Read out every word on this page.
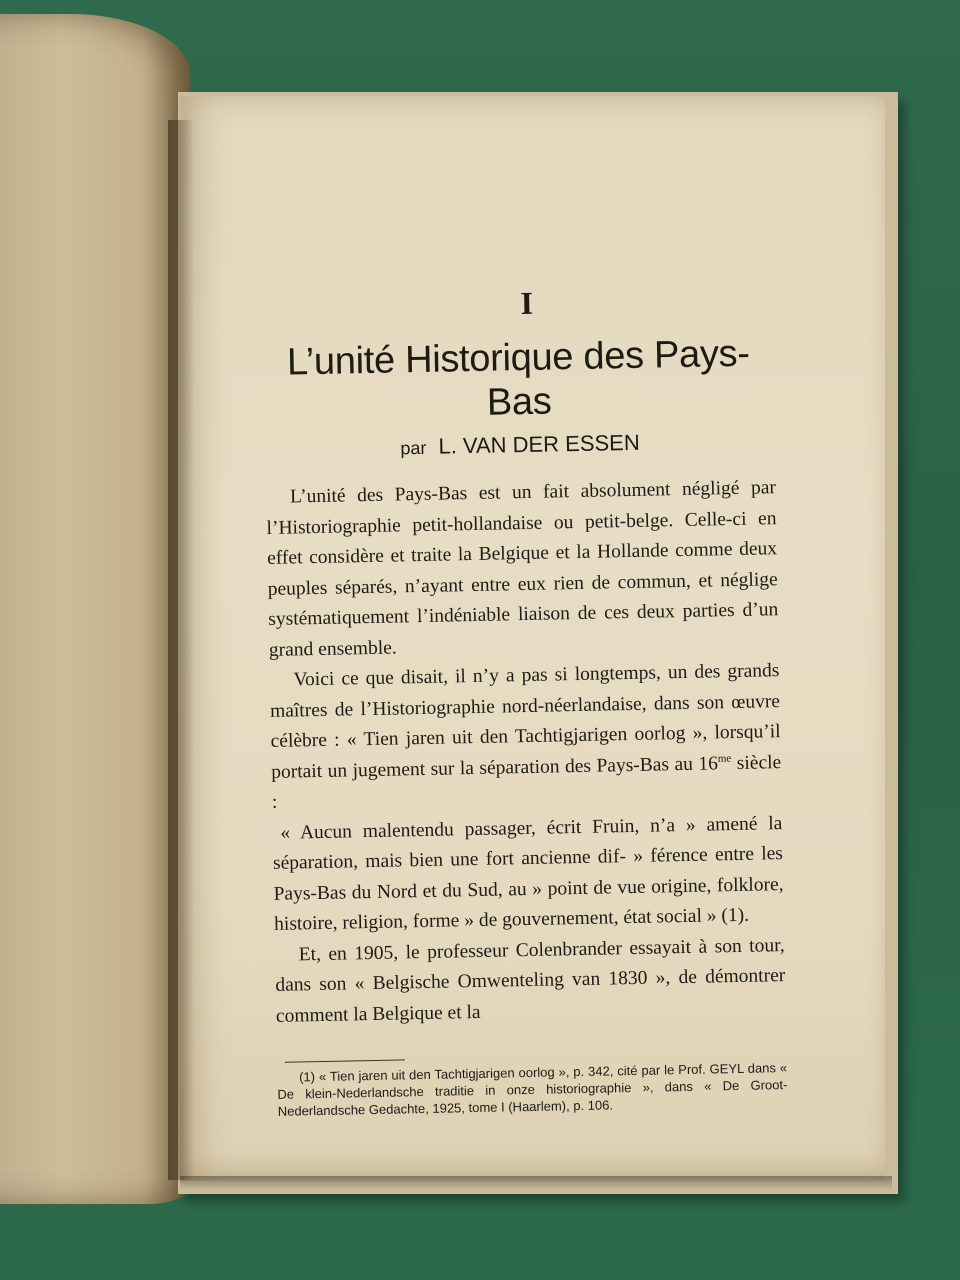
I
L’unité Historique des Pays-Bas
par L. VAN DER ESSEN

L’unité des Pays-Bas est un fait absolument négligé par l’Historiographie petit-hollandaise ou petit-belge. Celle-ci en effet considère et traite la Belgique et la Hollande comme deux peuples séparés, n’ayant entre eux rien de commun, et néglige systématiquement l’indéniable liaison de ces deux parties d’un grand ensemble.

Voici ce que disait, il n’y a pas si longtemps, un des grands maîtres de l’Historiographie nord-néerlandaise, dans son œuvre célèbre : « Tien jaren uit den Tachtigjarigen oorlog », lorsqu’il portait un jugement sur la séparation des Pays-Bas au $16^{me}$ siècle :

« Aucun malentendu passager, écrit Fruin, n’a » amené la séparation, mais bien une fort ancienne dif- » férence entre les Pays-Bas du Nord et du Sud, au » point de vue origine, folklore, histoire, religion, forme » de gouvernement, état social » (1).

Et, en 1905, le professeur Colenbrander essayait à son tour, dans son « Belgische Omwenteling van 1830 », de démontrer comment la Belgique et la

(1) « Tien jaren uit den Tachtigjarigen oorlog », p. 342, cité par le Prof. GEYL dans « De klein-Nederlandsche traditie in onze historiographie », dans « De Groot-Nederlandsche Gedachte, 1925, tome I (Haarlem), p. 106.
